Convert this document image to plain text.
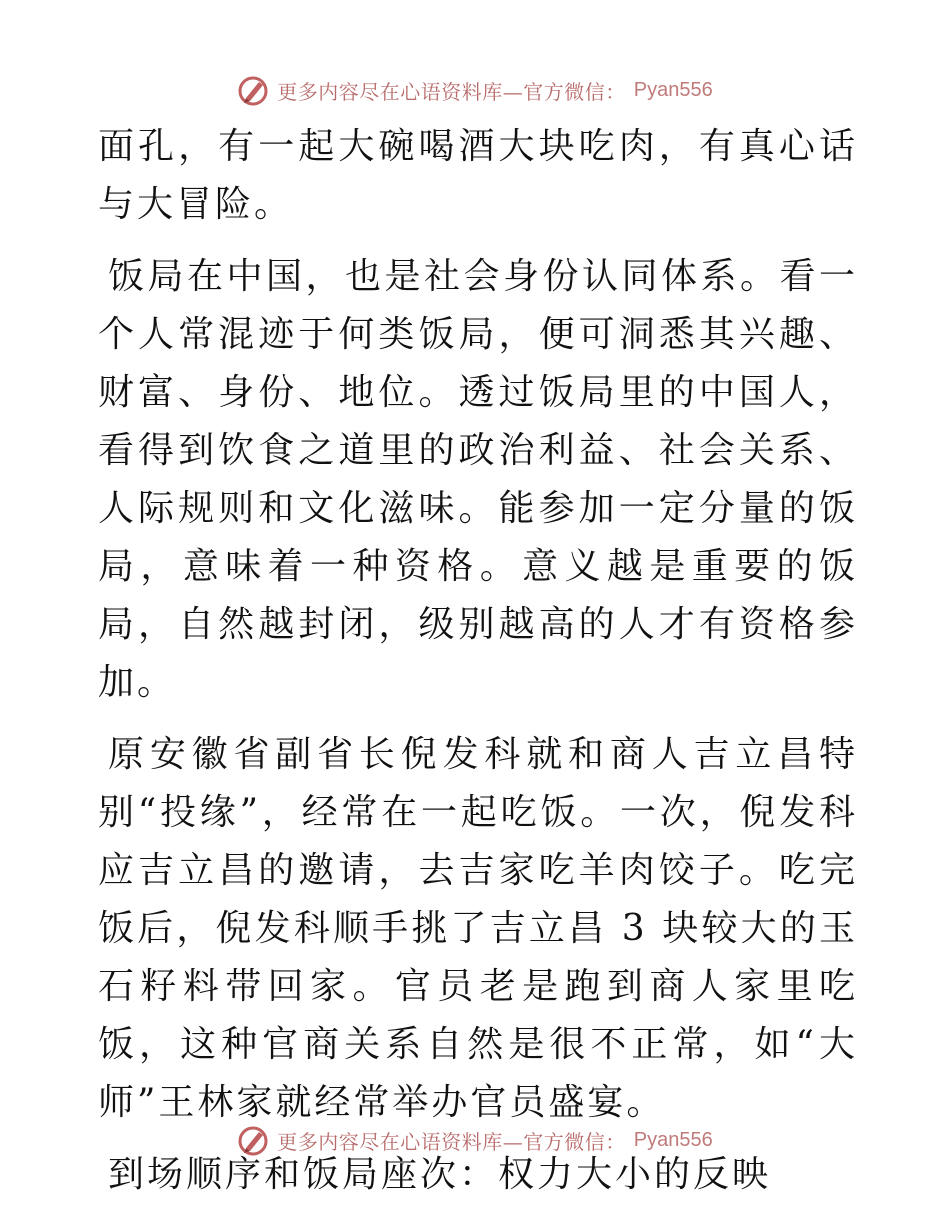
更多内容尽在心语资料库—官方微信： Pyan556

面孔，有一起大碗喝酒大块吃肉，有真心话与大冒险。

饭局在中国，也是社会身份认同体系。看一个人常混迹于何类饭局，便可洞悉其兴趣、财富、身份、地位。透过饭局里的中国人，看得到饮食之道里的政治利益、社会关系、人际规则和文化滋味。能参加一定分量的饭局，意味着一种资格。意义越是重要的饭局，自然越封闭，级别越高的人才有资格参加。

原安徽省副省长倪发科就和商人吉立昌特别“投缘”，经常在一起吃饭。一次，倪发科应吉立昌的邀请，去吉家吃羊肉饺子。吃完饭后，倪发科顺手挑了吉立昌 3 块较大的玉石籽料带回家。官员老是跑到商人家里吃饭，这种官商关系自然是很不正常，如“大师”王林家就经常举办官员盛宴。

到场顺序和饭局座次：权力大小的反映

更多内容尽在心语资料库—官方微信： Pyan556
